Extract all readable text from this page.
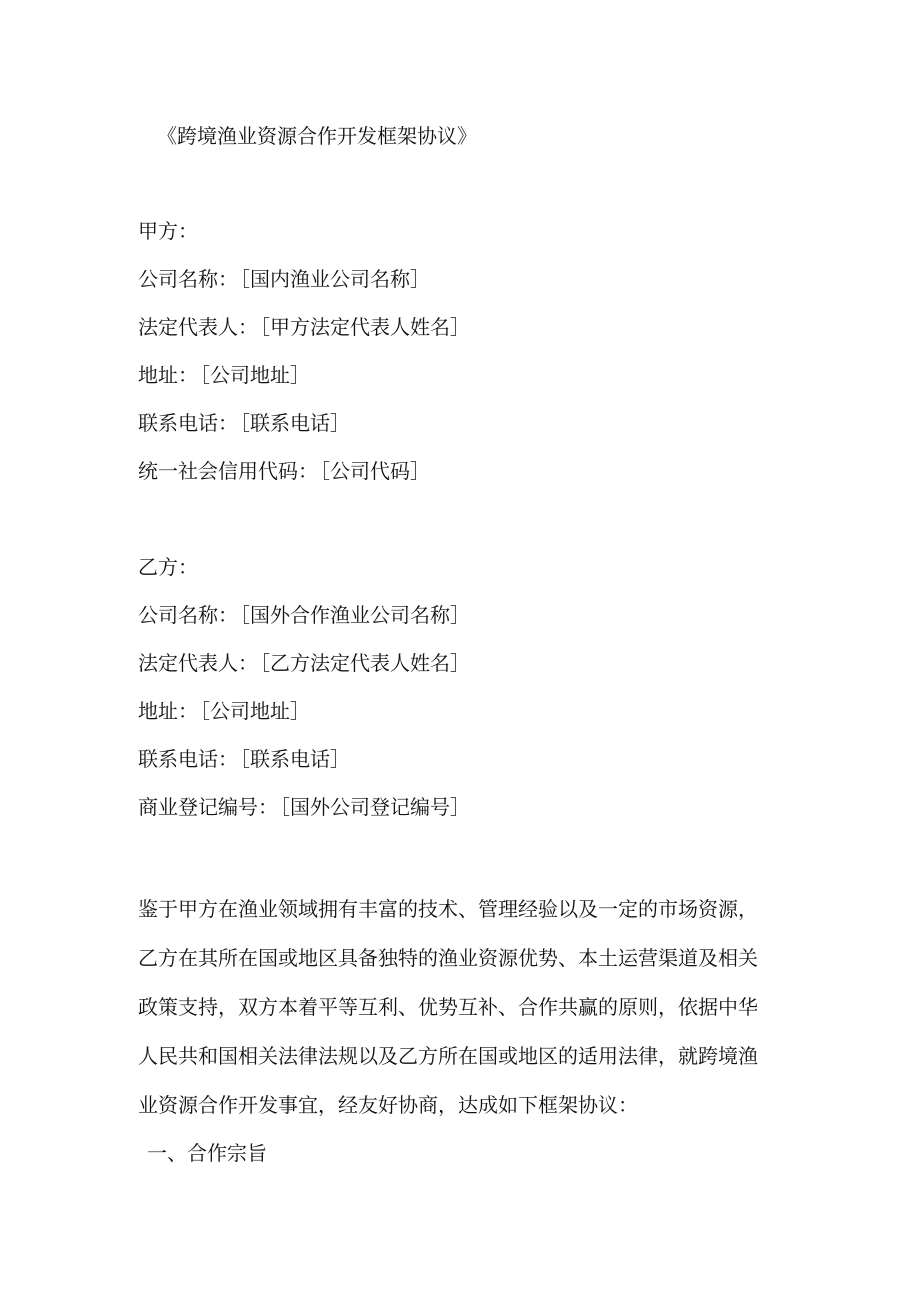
《跨境渔业资源合作开发框架协议》
甲方：
公司名称： ［国内渔业公司名称］
法定代表人： ［甲方法定代表人姓名］
地址： ［公司地址］
联系电话： ［联系电话］
统一社会信用代码： ［公司代码］
乙方：
公司名称： ［国外合作渔业公司名称］
法定代表人： ［乙方法定代表人姓名］
地址： ［公司地址］
联系电话： ［联系电话］
商业登记编号： ［国外公司登记编号］
鉴于甲方在渔业领域拥有丰富的技术、管理经验以及一定的市场资源，
乙方在其所在国或地区具备独特的渔业资源优势、本土运营渠道及相关
政策支持，双方本着平等互利、优势互补、合作共赢的原则，依据中华
人民共和国相关法律法规以及乙方所在国或地区的适用法律，就跨境渔
业资源合作开发事宜，经友好协商，达成如下框架协议：
一、合作宗旨
